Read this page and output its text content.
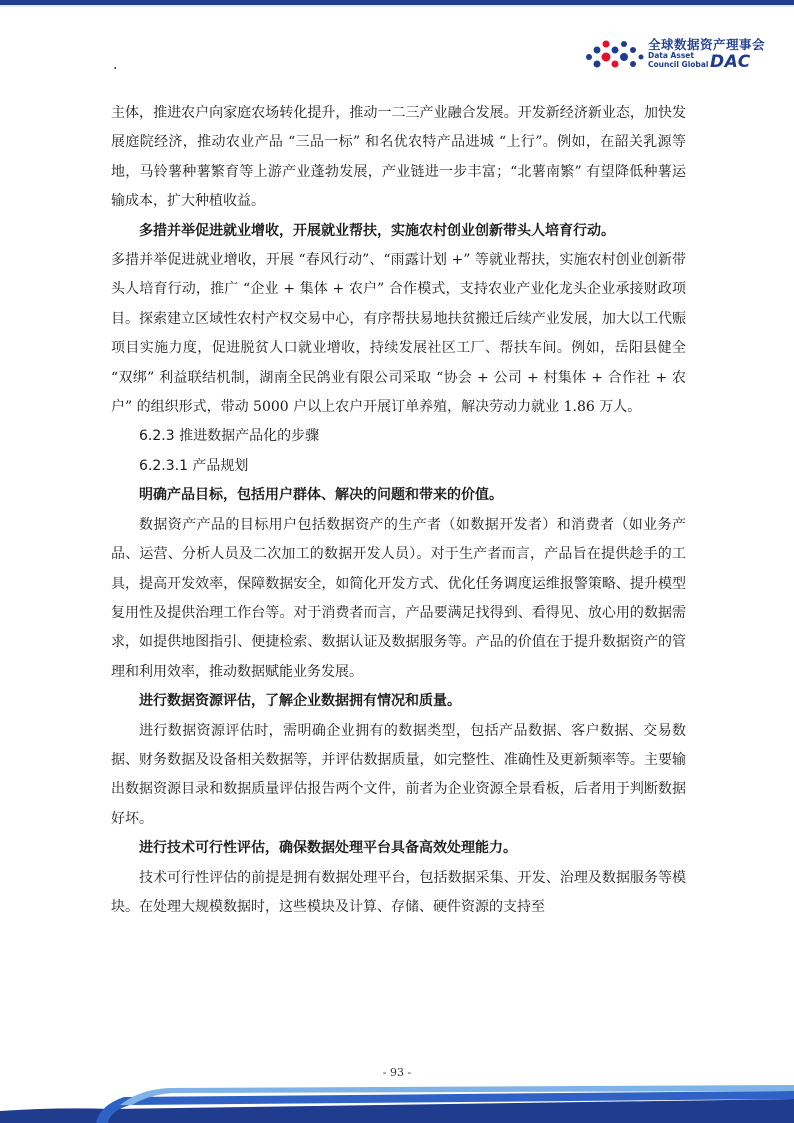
.
全球数据资产理事会
Data Asset
Council Global DAC

主体，推进农户向家庭农场转化提升，推动一二三产业融合发展。开发新经济新业态，加快发展庭院经济，推动农业产品 “三品一标” 和名优农特产品进城 “上行”。例如，在韶关乳源等地，马铃薯种薯繁育等上游产业蓬勃发展，产业链进一步丰富；“北薯南繁” 有望降低种薯运输成本，扩大种植收益。

多措并举促进就业增收，开展就业帮扶，实施农村创业创新带头人培育行动。

多措并举促进就业增收，开展 “春风行动”、“雨露计划 +” 等就业帮扶，实施农村创业创新带头人培育行动，推广 “企业 + 集体 + 农户” 合作模式，支持农业产业化龙头企业承接财政项目。探索建立区域性农村产权交易中心，有序帮扶易地扶贫搬迁后续产业发展，加大以工代赈项目实施力度，促进脱贫人口就业增收，持续发展社区工厂、帮扶车间。例如，岳阳县健全 “双绑” 利益联结机制，湖南全民鸽业有限公司采取 “协会 + 公司 + 村集体 + 合作社 + 农户” 的组织形式，带动 5000 户以上农户开展订单养殖，解决劳动力就业 1.86 万人。

6.2.3 推进数据产品化的步骤

6.2.3.1 产品规划

明确产品目标，包括用户群体、解决的问题和带来的价值。

数据资产产品的目标用户包括数据资产的生产者（如数据开发者）和消费者（如业务产品、运营、分析人员及二次加工的数据开发人员）。对于生产者而言，产品旨在提供趁手的工具，提高开发效率，保障数据安全，如简化开发方式、优化任务调度运维报警策略、提升模型复用性及提供治理工作台等。对于消费者而言，产品要满足找得到、看得见、放心用的数据需求，如提供地图指引、便捷检索、数据认证及数据服务等。产品的价值在于提升数据资产的管理和利用效率，推动数据赋能业务发展。

进行数据资源评估，了解企业数据拥有情况和质量。

进行数据资源评估时，需明确企业拥有的数据类型，包括产品数据、客户数据、交易数据、财务数据及设备相关数据等，并评估数据质量，如完整性、准确性及更新频率等。主要输出数据资源目录和数据质量评估报告两个文件，前者为企业资源全景看板，后者用于判断数据好坏。

进行技术可行性评估，确保数据处理平台具备高效处理能力。

技术可行性评估的前提是拥有数据处理平台，包括数据采集、开发、治理及数据服务等模块。在处理大规模数据时，这些模块及计算、存储、硬件资源的支持至

- 93 -
